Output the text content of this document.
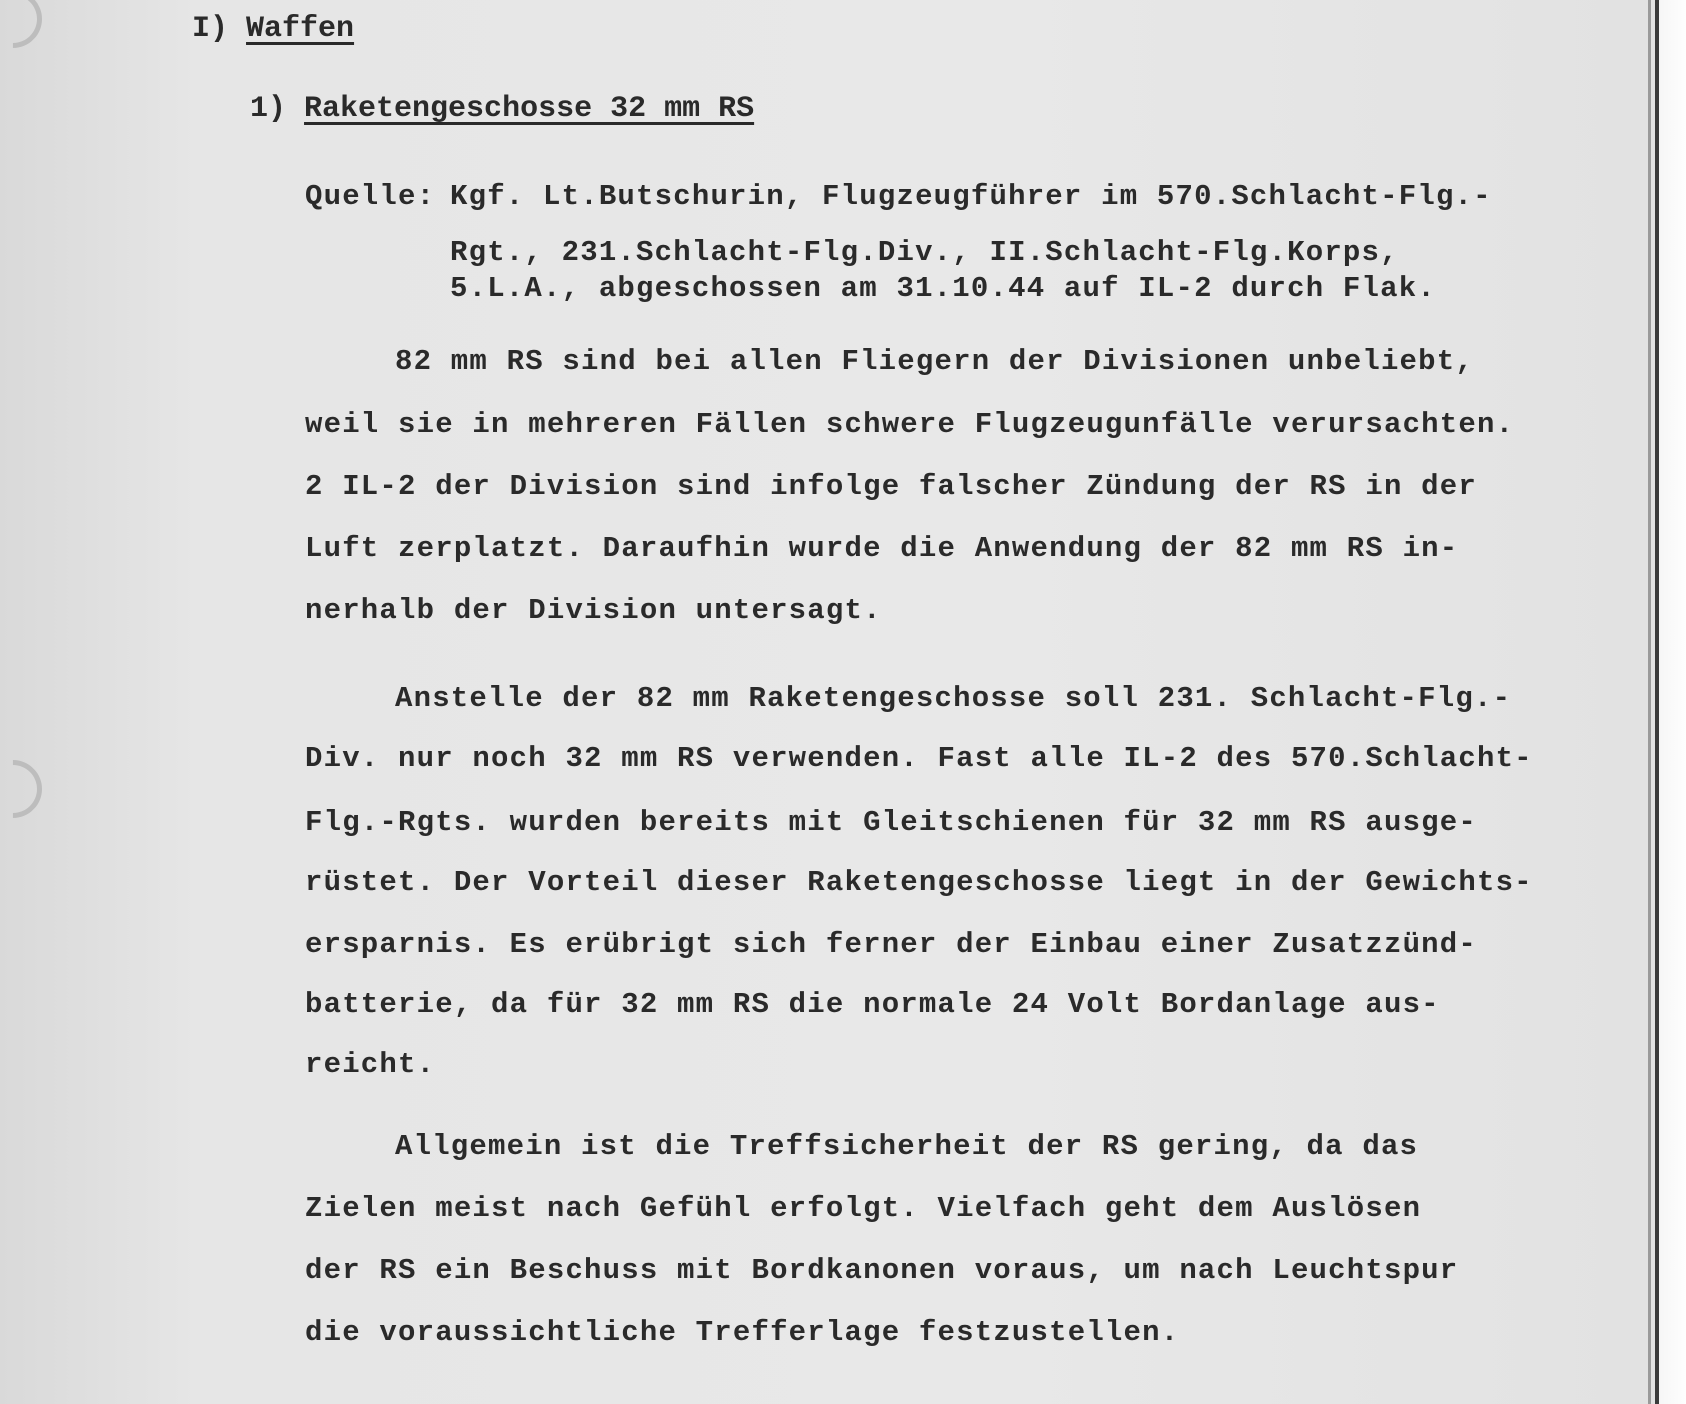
I) Waffen
1) Raketengeschosse 32 mm RS
Quelle: Kgf. Lt.Butschurin, Flugzeugführer im 570.Schlacht-Flg.-
Rgt., 231.Schlacht-Flg.Div., II.Schlacht-Flg.Korps,
5.L.A., abgeschossen am 31.10.44 auf IL-2 durch Flak.
82 mm RS sind bei allen Fliegern der Divisionen unbeliebt,
weil sie in mehreren Fällen schwere Flugzeugunfälle verursachten.
2 IL-2 der Division sind infolge falscher Zündung der RS in der
Luft zerplatzt. Daraufhin wurde die Anwendung der 82 mm RS in-
nerhalb der Division untersagt.
Anstelle der 82 mm Raketengeschosse soll 231. Schlacht-Flg.-
Div. nur noch 32 mm RS verwenden. Fast alle IL-2 des 570.Schlacht-
Flg.-Rgts. wurden bereits mit Gleitschienen für 32 mm RS ausge-
rüstet. Der Vorteil dieser Raketengeschosse liegt in der Gewichts-
ersparnis. Es erübrigt sich ferner der Einbau einer Zusatzzünd-
batterie, da für 32 mm RS die normale 24 Volt Bordanlage aus-
reicht.
Allgemein ist die Treffsicherheit der RS gering, da das
Zielen meist nach Gefühl erfolgt. Vielfach geht dem Auslösen
der RS ein Beschuss mit Bordkanonen voraus, um nach Leuchtspur
die voraussichtliche Trefferlage festzustellen.
